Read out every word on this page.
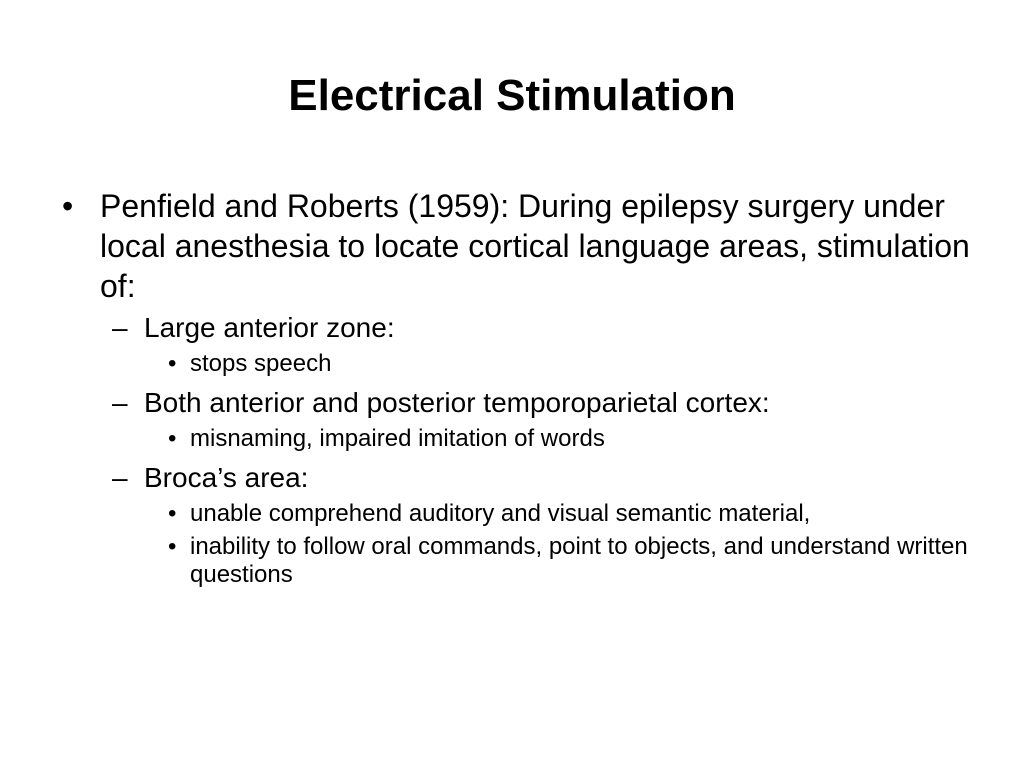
Electrical Stimulation
• Penfield and Roberts (1959): During epilepsy surgery under local anesthesia to locate cortical language areas, stimulation of:
– Large anterior zone:
• stops speech
– Both anterior and posterior temporoparietal cortex:
• misnaming, impaired imitation of words
– Broca’s area:
• unable comprehend auditory and visual semantic material,
• inability to follow oral commands, point to objects, and understand written questions
